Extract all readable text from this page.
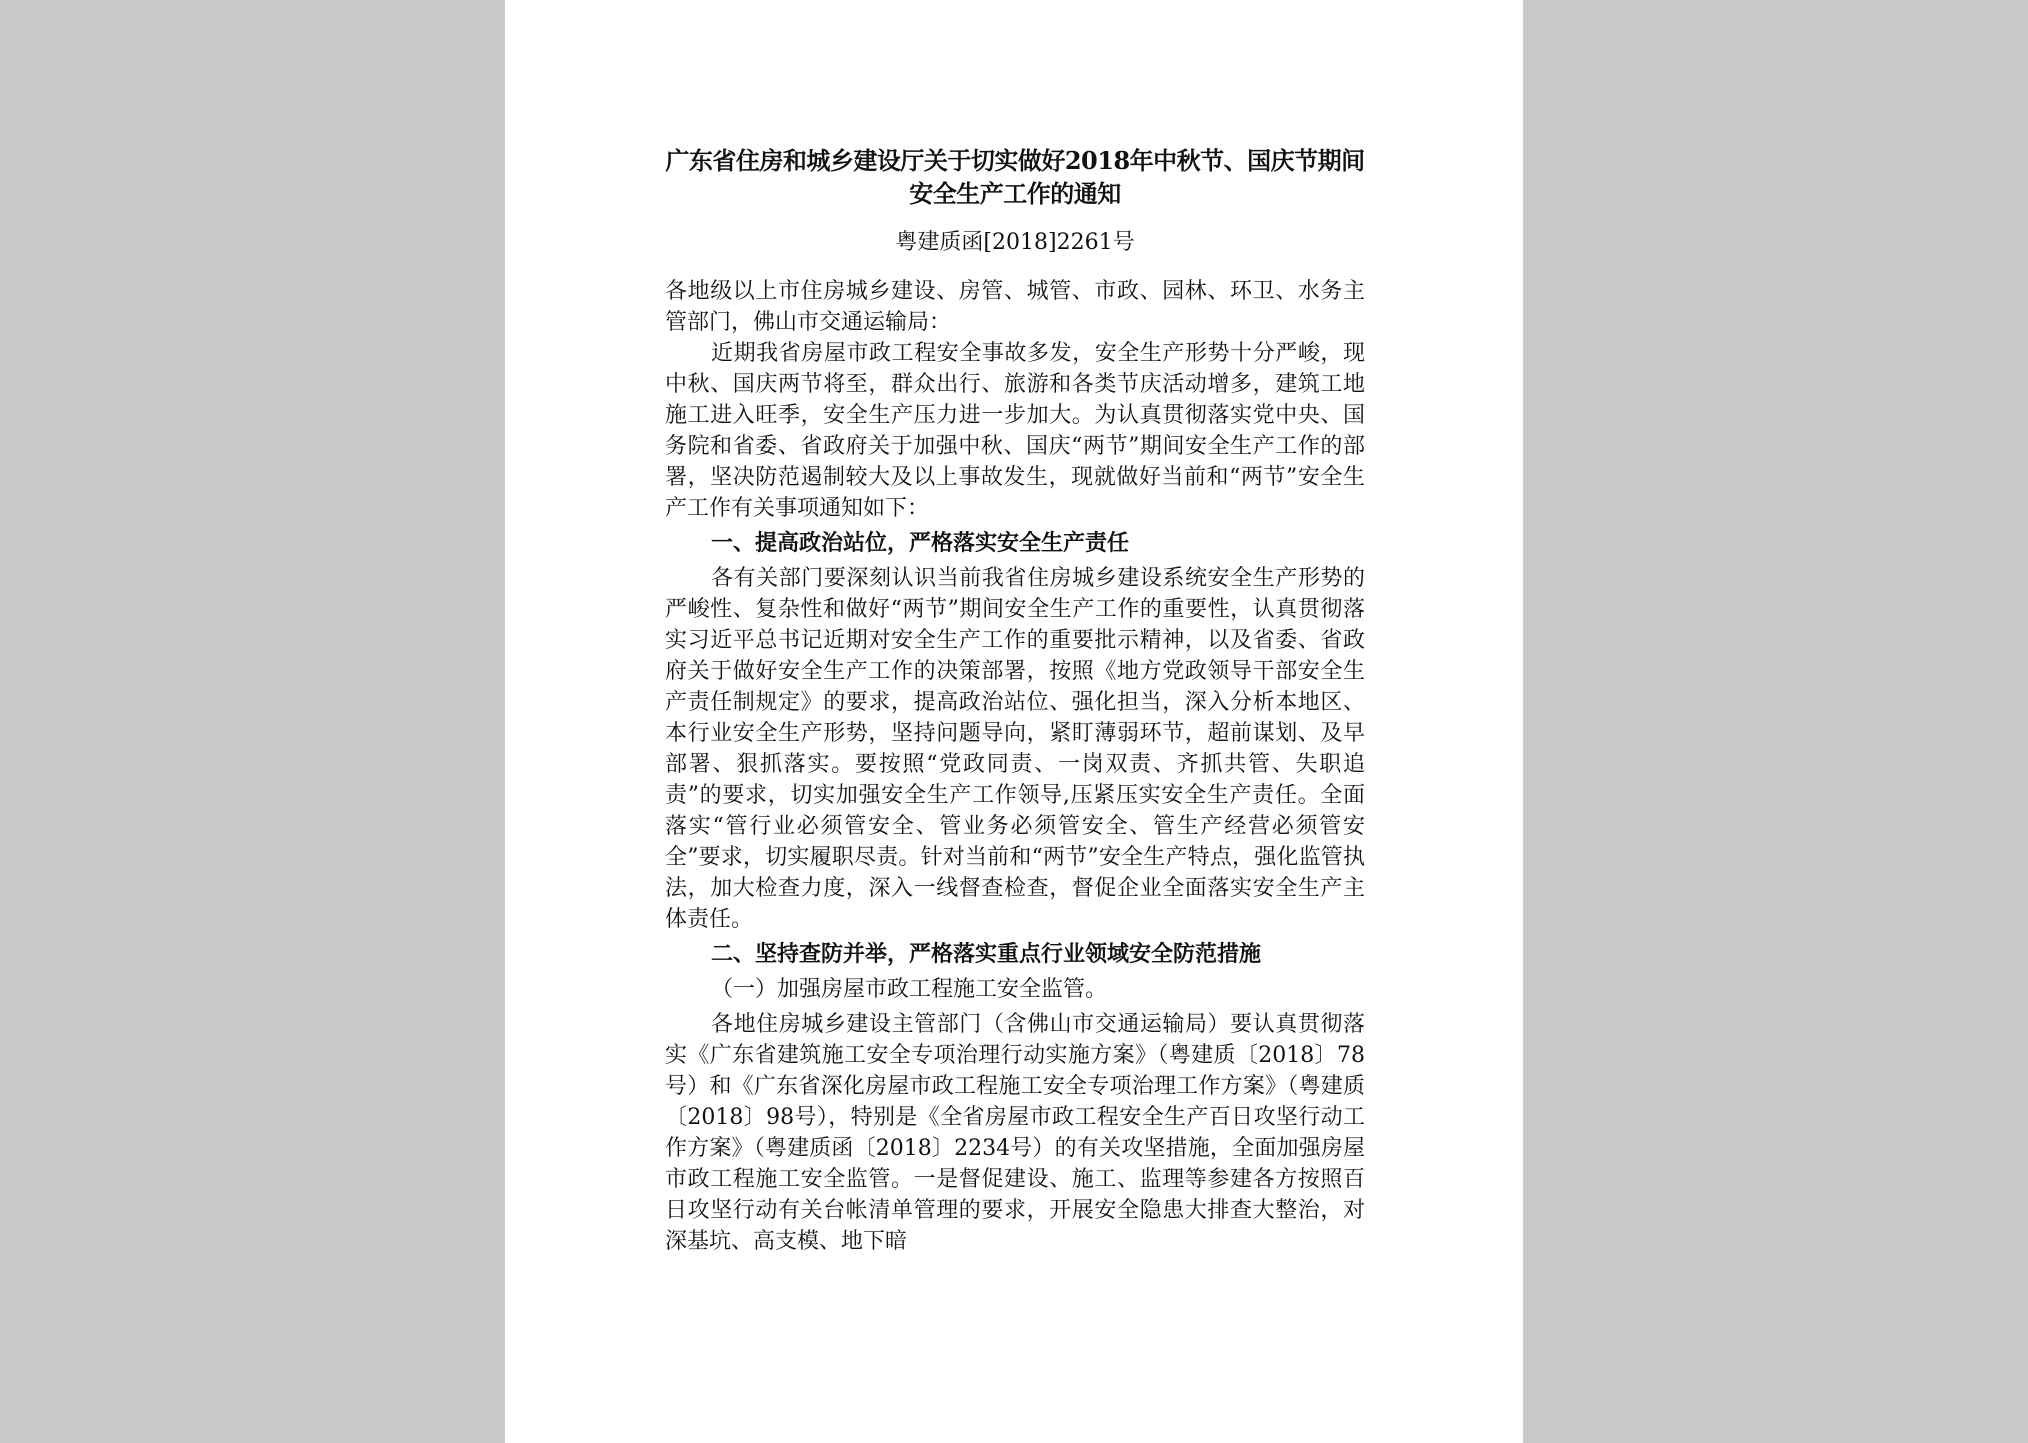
广东省住房和城乡建设厅关于切实做好2018年中秋节、国庆节期间安全生产工作的通知
粤建质函[2018]2261号

各地级以上市住房城乡建设、房管、城管、市政、园林、环卫、水务主管部门，佛山市交通运输局：

近期我省房屋市政工程安全事故多发，安全生产形势十分严峻，现中秋、国庆两节将至，群众出行、旅游和各类节庆活动增多，建筑工地施工进入旺季，安全生产压力进一步加大。为认真贯彻落实党中央、国务院和省委、省政府关于加强中秋、国庆“两节”期间安全生产工作的部署，坚决防范遏制较大及以上事故发生，现就做好当前和“两节”安全生产工作有关事项通知如下：

一、提高政治站位，严格落实安全生产责任

各有关部门要深刻认识当前我省住房城乡建设系统安全生产形势的严峻性、复杂性和做好“两节”期间安全生产工作的重要性，认真贯彻落实习近平总书记近期对安全生产工作的重要批示精神，以及省委、省政府关于做好安全生产工作的决策部署，按照《地方党政领导干部安全生产责任制规定》的要求，提高政治站位、强化担当，深入分析本地区、本行业安全生产形势，坚持问题导向，紧盯薄弱环节，超前谋划、及早部署、狠抓落实。要按照“党政同责、一岗双责、齐抓共管、失职追责”的要求，切实加强安全生产工作领导,压紧压实安全生产责任。全面落实“管行业必须管安全、管业务必须管安全、管生产经营必须管安全”要求，切实履职尽责。针对当前和“两节”安全生产特点，强化监管执法，加大检查力度，深入一线督查检查，督促企业全面落实安全生产主体责任。

二、坚持查防并举，严格落实重点行业领域安全防范措施

（一）加强房屋市政工程施工安全监管。

各地住房城乡建设主管部门（含佛山市交通运输局）要认真贯彻落实《广东省建筑施工安全专项治理行动实施方案》（粤建质〔2018〕78号）和《广东省深化房屋市政工程施工安全专项治理工作方案》（粤建质〔2018〕98号），特别是《全省房屋市政工程安全生产百日攻坚行动工作方案》（粤建质函〔2018〕2234号）的有关攻坚措施，全面加强房屋市政工程施工安全监管。一是督促建设、施工、监理等参建各方按照百日攻坚行动有关台帐清单管理的要求，开展安全隐患大排查大整治，对深基坑、高支模、地下暗
